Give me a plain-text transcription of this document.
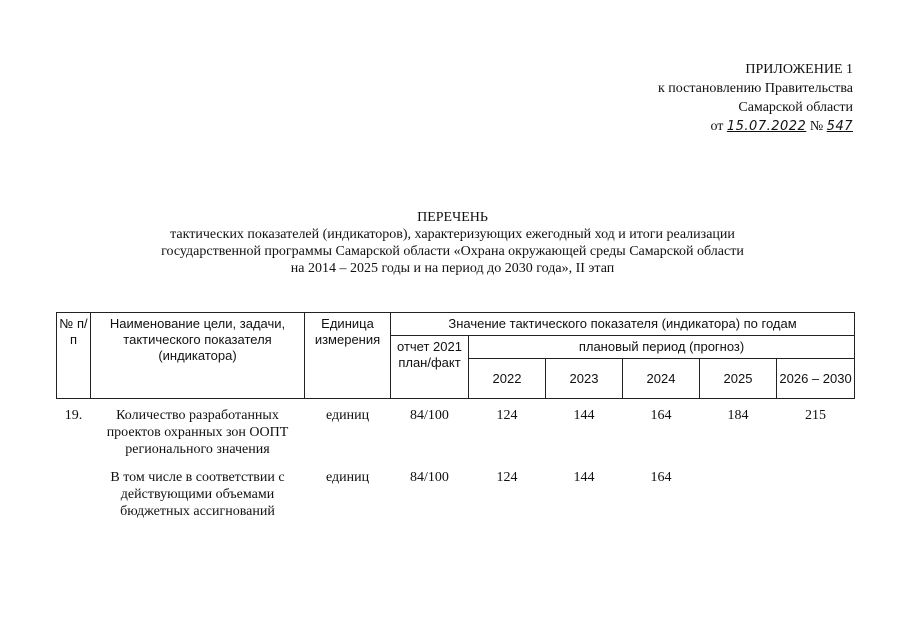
ПРИЛОЖЕНИЕ 1
к постановлению Правительства
Самарской области
от 15.07.2022 № 547
ПЕРЕЧЕНЬ
тактических показателей (индикаторов), характеризующих ежегодный ход и итоги реализации
государственной программы Самарской области «Охрана окружающей среды Самарской области
на 2014 – 2025 годы и на период до 2030 года», II этап
№ п/п	Наименование цели, задачи, тактического показателя (индикатора)	Единица измерения	Значение тактического показателя (индикатора) по годам					
			отчет 2021 план/факт	плановый период (прогноз)				
				2022	2023	2024	2025	2026 – 2030
19.	Количество разработанных проектов охранных зон ООПТ регионального значения	единиц	84/100	124	144	164	184	215
	В том числе в соответствии с действующими объемами бюджетных ассигнований	единиц	84/100	124	144	164		
